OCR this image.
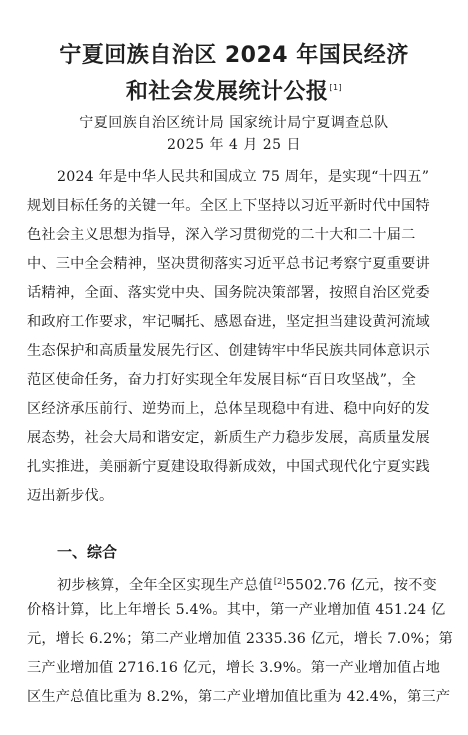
宁夏回族自治区 2024 年国民经济
和社会发展统计公报[1]
宁夏回族自治区统计局 国家统计局宁夏调查总队
2025 年 4 月 25 日
2024 年是中华人民共和国成立 75 周年，是实现“十四五”
规划目标任务的关键一年。全区上下坚持以习近平新时代中国特
色社会主义思想为指导，深入学习贯彻党的二十大和二十届二
中、三中全会精神，坚决贯彻落实习近平总书记考察宁夏重要讲
话精神，全面、落实党中央、国务院决策部署，按照自治区党委
和政府工作要求，牢记嘱托、感恩奋进，坚定担当建设黄河流域
生态保护和高质量发展先行区、创建铸牢中华民族共同体意识示
范区使命任务，奋力打好实现全年发展目标“百日攻坚战”，全
区经济承压前行、逆势而上，总体呈现稳中有进、稳中向好的发
展态势，社会大局和谐安定，新质生产力稳步发展，高质量发展
扎实推进，美丽新宁夏建设取得新成效，中国式现代化宁夏实践
迈出新步伐。
一、综合
初步核算，全年全区实现生产总值[2]5502.76 亿元，按不变
价格计算，比上年增长 5.4%。其中，第一产业增加值 451.24 亿
元，增长 6.2%；第二产业增加值 2335.36 亿元，增长 7.0%；第
三产业增加值 2716.16 亿元，增长 3.9%。第一产业增加值占地
区生产总值比重为 8.2%，第二产业增加值比重为 42.4%，第三产
